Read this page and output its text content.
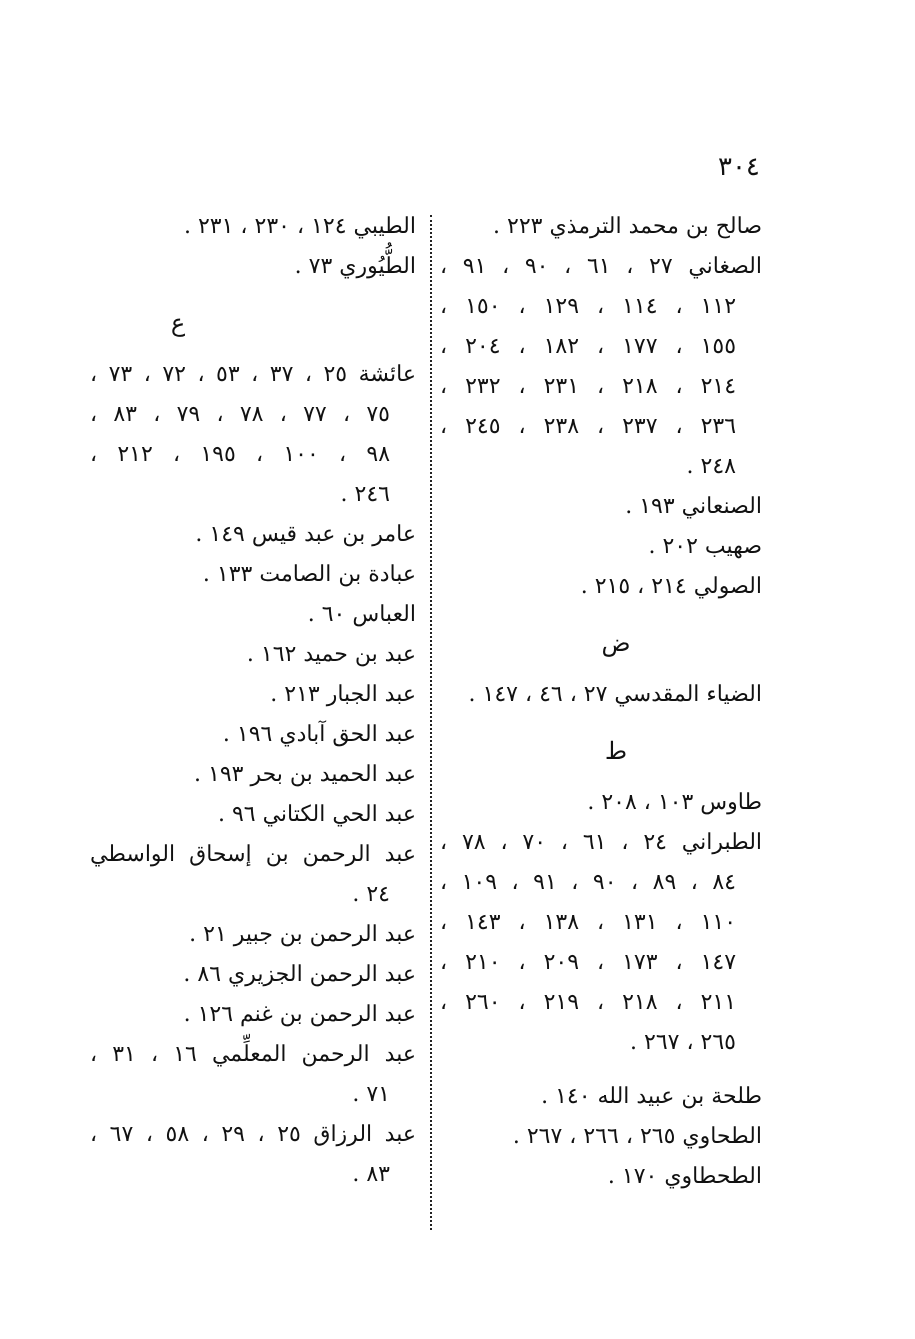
٣٠٤
صالح بن محمد الترمذي ٢٢٣ .
الصغاني ٢٧ ، ٦١ ، ٩٠ ، ٩١ ،
١١٢ ، ١١٤ ، ١٢٩ ، ١٥٠ ،
١٥٥ ، ١٧٧ ، ١٨٢ ، ٢٠٤ ،
٢١٤ ، ٢١٨ ، ٢٣١ ، ٢٣٢ ،
٢٣٦ ، ٢٣٧ ، ٢٣٨ ، ٢٤٥ ،
٢٤٨ .
الصنعاني ١٩٣ .
صهيب ٢٠٢ .
الصولي ٢١٤ ، ٢١٥ .
ض
الضياء المقدسي ٢٧ ، ٤٦ ، ١٤٧ .
ط
طاوس ١٠٣ ، ٢٠٨ .
الطبراني ٢٤ ، ٦١ ، ٧٠ ، ٧٨ ،
٨٤ ، ٨٩ ، ٩٠ ، ٩١ ، ١٠٩ ،
١١٠ ، ١٣١ ، ١٣٨ ، ١٤٣ ،
١٤٧ ، ١٧٣ ، ٢٠٩ ، ٢١٠ ،
٢١١ ، ٢١٨ ، ٢١٩ ، ٢٦٠ ،
٢٦٥ ، ٢٦٧ .
طلحة بن عبيد الله ١٤٠ .
الطحاوي ٢٦٥ ، ٢٦٦ ، ٢٦٧ .
الطحطاوي ١٧٠ .
الطيبي ١٢٤ ، ٢٣٠ ، ٢٣١ .
الطُّيُوري ٧٣ .
ع
عائشة ٢٥ ، ٣٧ ، ٥٣ ، ٧٢ ، ٧٣ ،
٧٥ ، ٧٧ ، ٧٨ ، ٧٩ ، ٨٣ ،
٩٨ ، ١٠٠ ، ١٩٥ ، ٢١٢ ،
٢٤٦ .
عامر بن عبد قيس ١٤٩ .
عبادة بن الصامت ١٣٣ .
العباس ٦٠ .
عبد بن حميد ١٦٢ .
عبد الجبار ٢١٣ .
عبد الحق آبادي ١٩٦ .
عبد الحميد بن بحر ١٩٣ .
عبد الحي الكتاني ٩٦ .
عبد الرحمن بن إسحاق الواسطي
٢٤ .
عبد الرحمن بن جبير ٢١ .
عبد الرحمن الجزيري ٨٦ .
عبد الرحمن بن غنم ١٢٦ .
عبد الرحمن المعلِّمي ١٦ ، ٣١ ،
٧١ .
عبد الرزاق ٢٥ ، ٢٩ ، ٥٨ ، ٦٧ ،
٨٣ .
